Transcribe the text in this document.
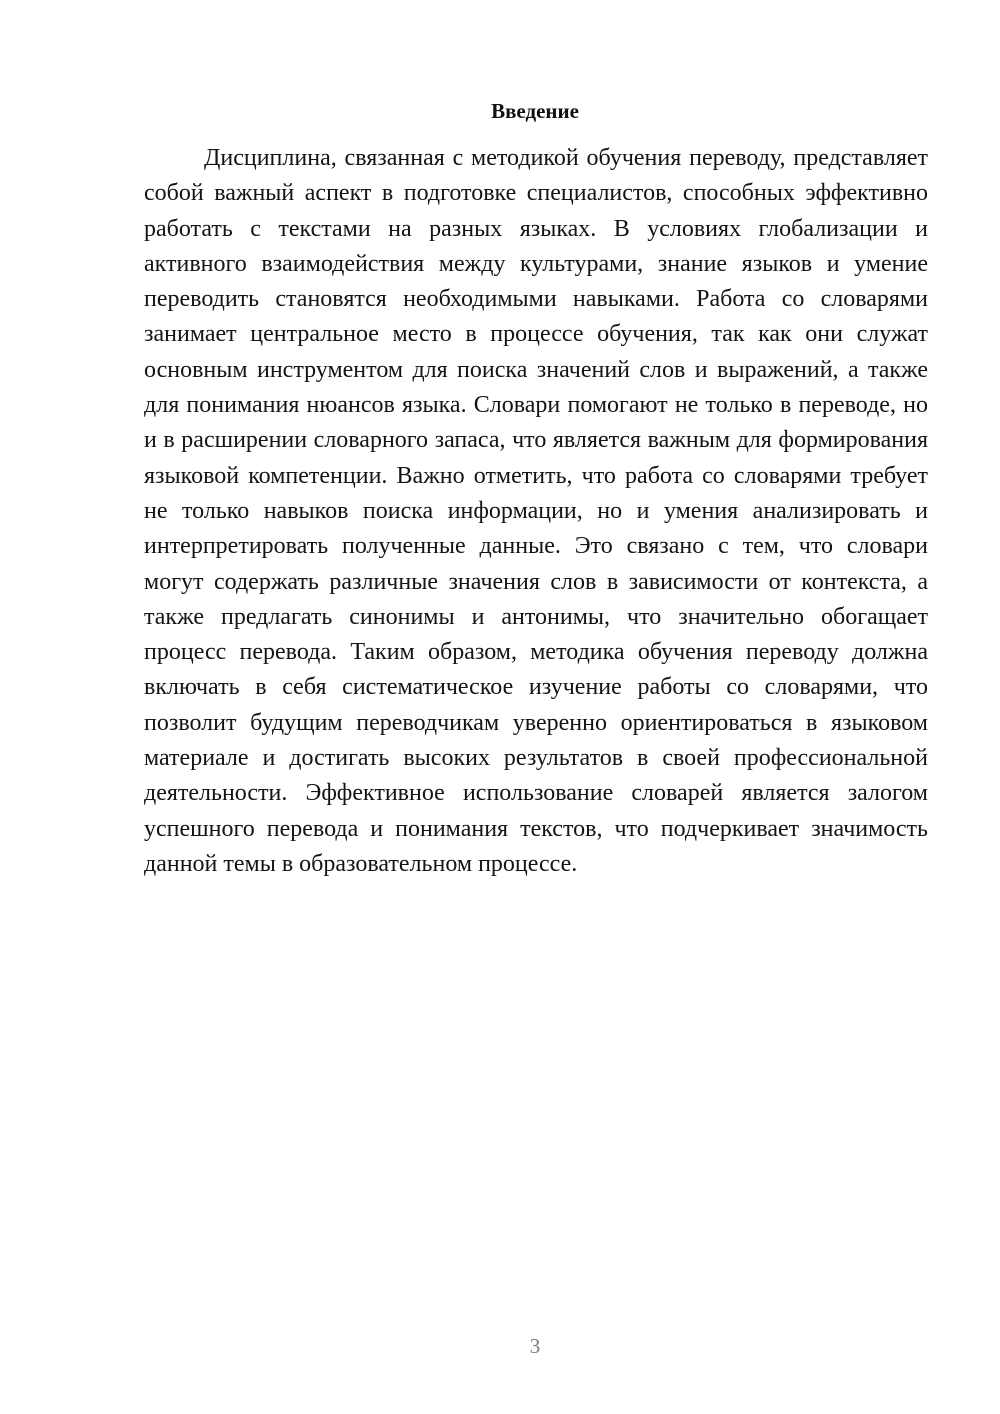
Введение

Дисциплина, связанная с методикой обучения переводу, представляет собой важный аспект в подготовке специалистов, способных эффективно работать с текстами на разных языках. В условиях глобализации и активного взаимодействия между культурами, знание языков и умение переводить становятся необходимыми навыками. Работа со словарями занимает центральное место в процессе обучения, так как они служат основным инструментом для поиска значений слов и выражений, а также для понимания нюансов языка. Словари помогают не только в переводе, но и в расширении словарного запаса, что является важным для формирования языковой компетенции. Важно отметить, что работа со словарями требует не только навыков поиска информации, но и умения анализировать и интерпретировать полученные данные. Это связано с тем, что словари могут содержать различные значения слов в зависимости от контекста, а также предлагать синонимы и антонимы, что значительно обогащает процесс перевода. Таким образом, методика обучения переводу должна включать в себя систематическое изучение работы со словарями, что позволит будущим переводчикам уверенно ориентироваться в языковом материале и достигать высоких результатов в своей профессиональной деятельности. Эффективное использование словарей является залогом успешного перевода и понимания текстов, что подчеркивает значимость данной темы в образовательном процессе.

3
